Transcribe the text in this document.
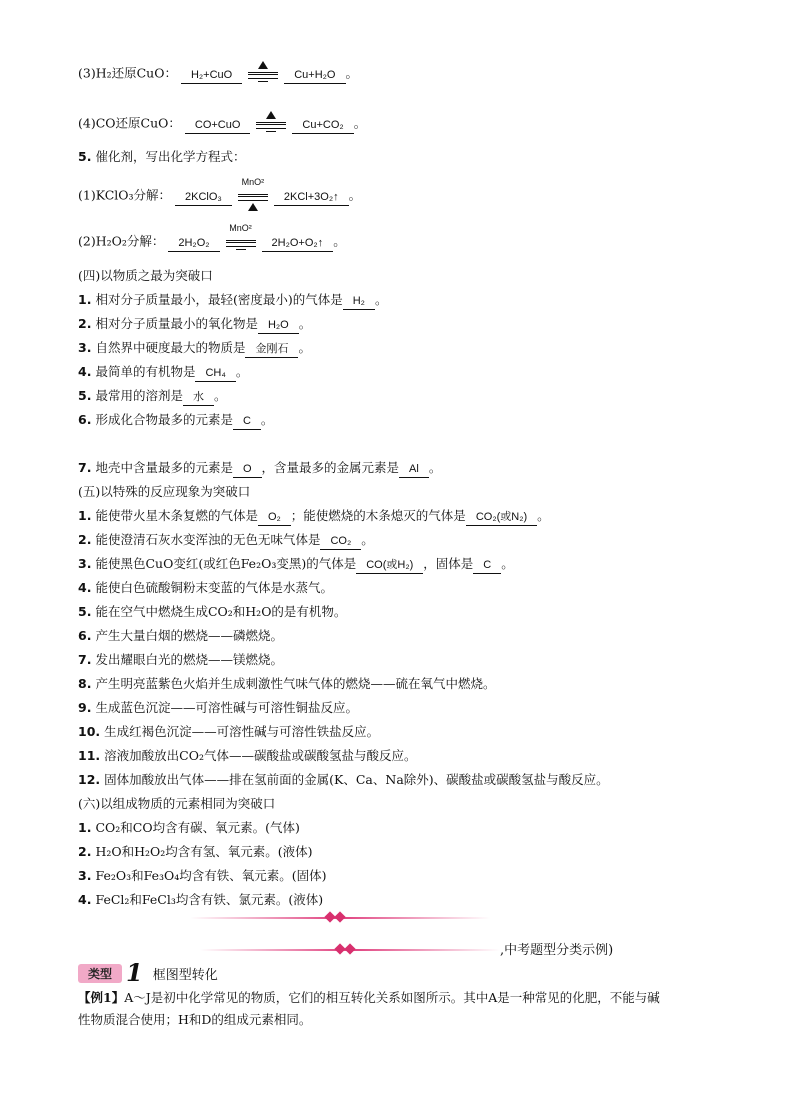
(3)H₂还原CuO： H₂+CuO	Cu+H₂O 。
(4)CO还原CuO： CO+CuO	Cu+CO₂ 。
5. 催化剂，写出化学方程式：
(1)KClO₃分解： 2KClO₃
MnO²
2KCl+3O₂↑ 。
(2)H₂O₂分解： 2H₂O₂
MnO²
2H₂O+O₂↑ 。
(四)以物质之最为突破口
1. 相对分子质量最小，最轻(密度最小)的气体是 H₂ 。
2. 相对分子质量最小的氧化物是 H₂O 。
3. 自然界中硬度最大的物质是 金刚石 。
4. 最简单的有机物是 CH₄ 。
5. 最常用的溶剂是 水 。
6. 形成化合物最多的元素是 C 。
7. 地壳中含量最多的元素是 O ，含量最多的金属元素是 Al 。
(五)以特殊的反应现象为突破口
1. 能使带火星木条复燃的气体是 O₂ ；能使燃烧的木条熄灭的气体是 CO₂(或N₂) 。
2. 能使澄清石灰水变浑浊的无色无味气体是 CO₂ 。
3. 能使黑色CuO变红(或红色Fe₂O₃变黑)的气体是 CO(或H₂) ，固体是 C 。
4. 能使白色硫酸铜粉末变蓝的气体是水蒸气。
5. 能在空气中燃烧生成CO₂和H₂O的是有机物。
6. 产生大量白烟的燃烧——磷燃烧。
7. 发出耀眼白光的燃烧——镁燃烧。
8. 产生明亮蓝紫色火焰并生成刺激性气味气体的燃烧——硫在氧气中燃烧。
9. 生成蓝色沉淀——可溶性碱与可溶性铜盐反应。
10. 生成红褐色沉淀——可溶性碱与可溶性铁盐反应。
11. 溶液加酸放出CO₂气体——碳酸盐或碳酸氢盐与酸反应。
12. 固体加酸放出气体——排在氢前面的金属(K、Ca、Na除外)、碳酸盐或碳酸氢盐与酸反应。
(六)以组成物质的元素相同为突破口
1. CO₂和CO均含有碳、氧元素。(气体)
2. H₂O和H₂O₂均含有氢、氧元素。(液体)
3. Fe₂O₃和Fe₃O₄均含有铁、氧元素。(固体)
4. FeCl₂和FeCl₃均含有铁、氯元素。(液体)
,中考题型分类示例)
类型 1 框图型转化
【例1】A～J是初中化学常见的物质，它们的相互转化关系如图所示。其中A是一种常见的化肥，不能与碱
性物质混合使用；H和D的组成元素相同。
